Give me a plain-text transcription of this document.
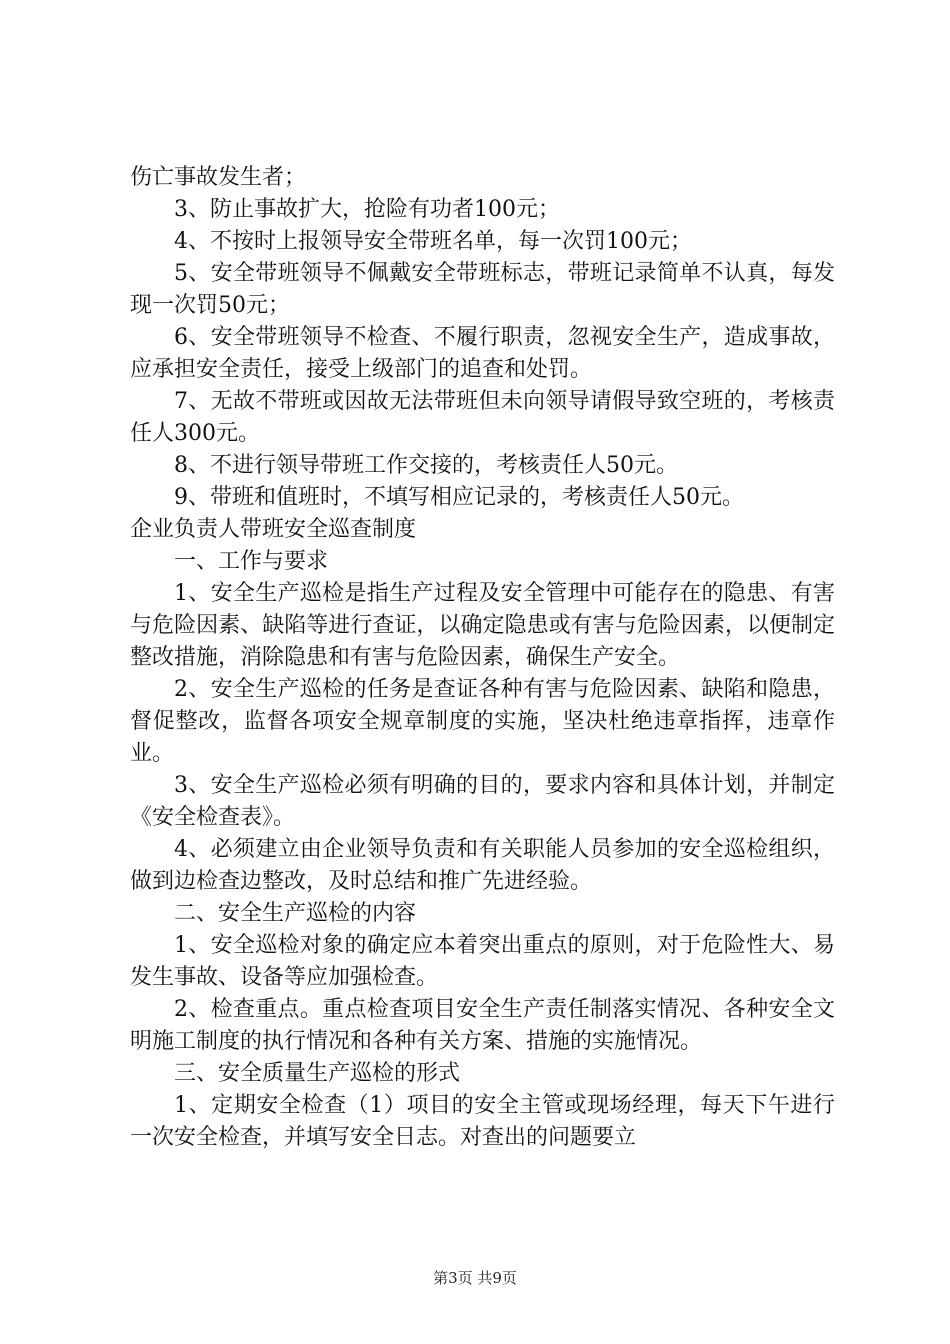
伤亡事故发生者；

3、防止事故扩大，抢险有功者100元；

4、不按时上报领导安全带班名单，每一次罚100元；

5、安全带班领导不佩戴安全带班标志，带班记录简单不认真，每发现一次罚50元；

6、安全带班领导不检查、不履行职责，忽视安全生产，造成事故，应承担安全责任，接受上级部门的追查和处罚。

7、无故不带班或因故无法带班但未向领导请假导致空班的，考核责任人300元。

8、不进行领导带班工作交接的，考核责任人50元。

9、带班和值班时，不填写相应记录的，考核责任人50元。

企业负责人带班安全巡查制度

一、工作与要求

1、安全生产巡检是指生产过程及安全管理中可能存在的隐患、有害与危险因素、缺陷等进行查证，以确定隐患或有害与危险因素，以便制定整改措施，消除隐患和有害与危险因素，确保生产安全。

2、安全生产巡检的任务是查证各种有害与危险因素、缺陷和隐患，督促整改，监督各项安全规章制度的实施，坚决杜绝违章指挥，违章作业。

3、安全生产巡检必须有明确的目的，要求内容和具体计划，并制定《安全检查表》。

4、必须建立由企业领导负责和有关职能人员参加的安全巡检组织，做到边检查边整改，及时总结和推广先进经验。

二、安全生产巡检的内容

1、安全巡检对象的确定应本着突出重点的原则，对于危险性大、易发生事故、设备等应加强检查。

2、检查重点。重点检查项目安全生产责任制落实情况、各种安全文明施工制度的执行情况和各种有关方案、措施的实施情况。

三、安全质量生产巡检的形式

1、定期安全检查（1）项目的安全主管或现场经理，每天下午进行一次安全检查，并填写安全日志。对查出的问题要立

第3页 共9页
